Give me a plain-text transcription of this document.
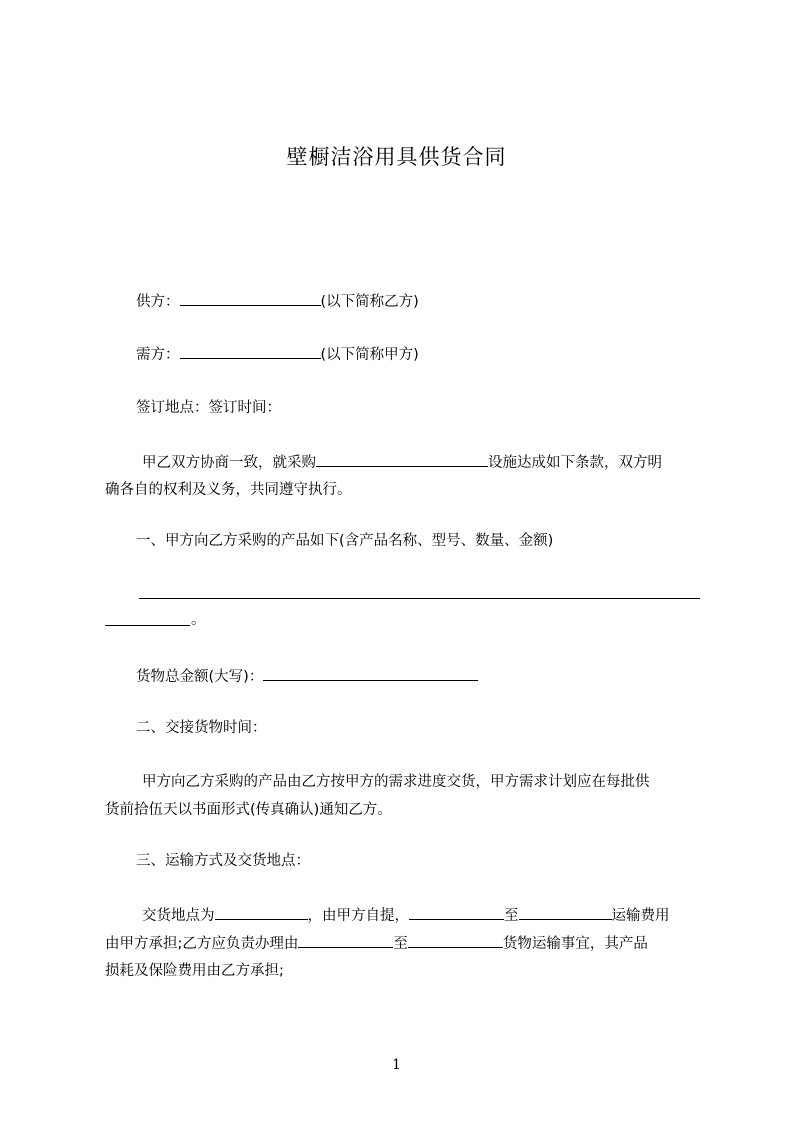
壁橱洁浴用具供货合同
供方：	(以下简称乙方)
需方：	(以下简称甲方)
签订地点：签订时间：
甲乙双方协商一致，就采购	设施达成如下条款，双方明
确各自的权利及义务，共同遵守执行。
一、甲方向乙方采购的产品如下(含产品名称、型号、数量、金额)
。
货物总金额(大写)：
二、交接货物时间：
甲方向乙方采购的产品由乙方按甲方的需求进度交货，甲方需求计划应在每批供
货前拾伍天以书面形式(传真确认)通知乙方。
三、运输方式及交货地点：
交货地点为	，由甲方自提，	至	运输费用
由甲方承担;乙方应负责办理由	至	货物运输事宜，其产品
损耗及保险费用由乙方承担;
1
